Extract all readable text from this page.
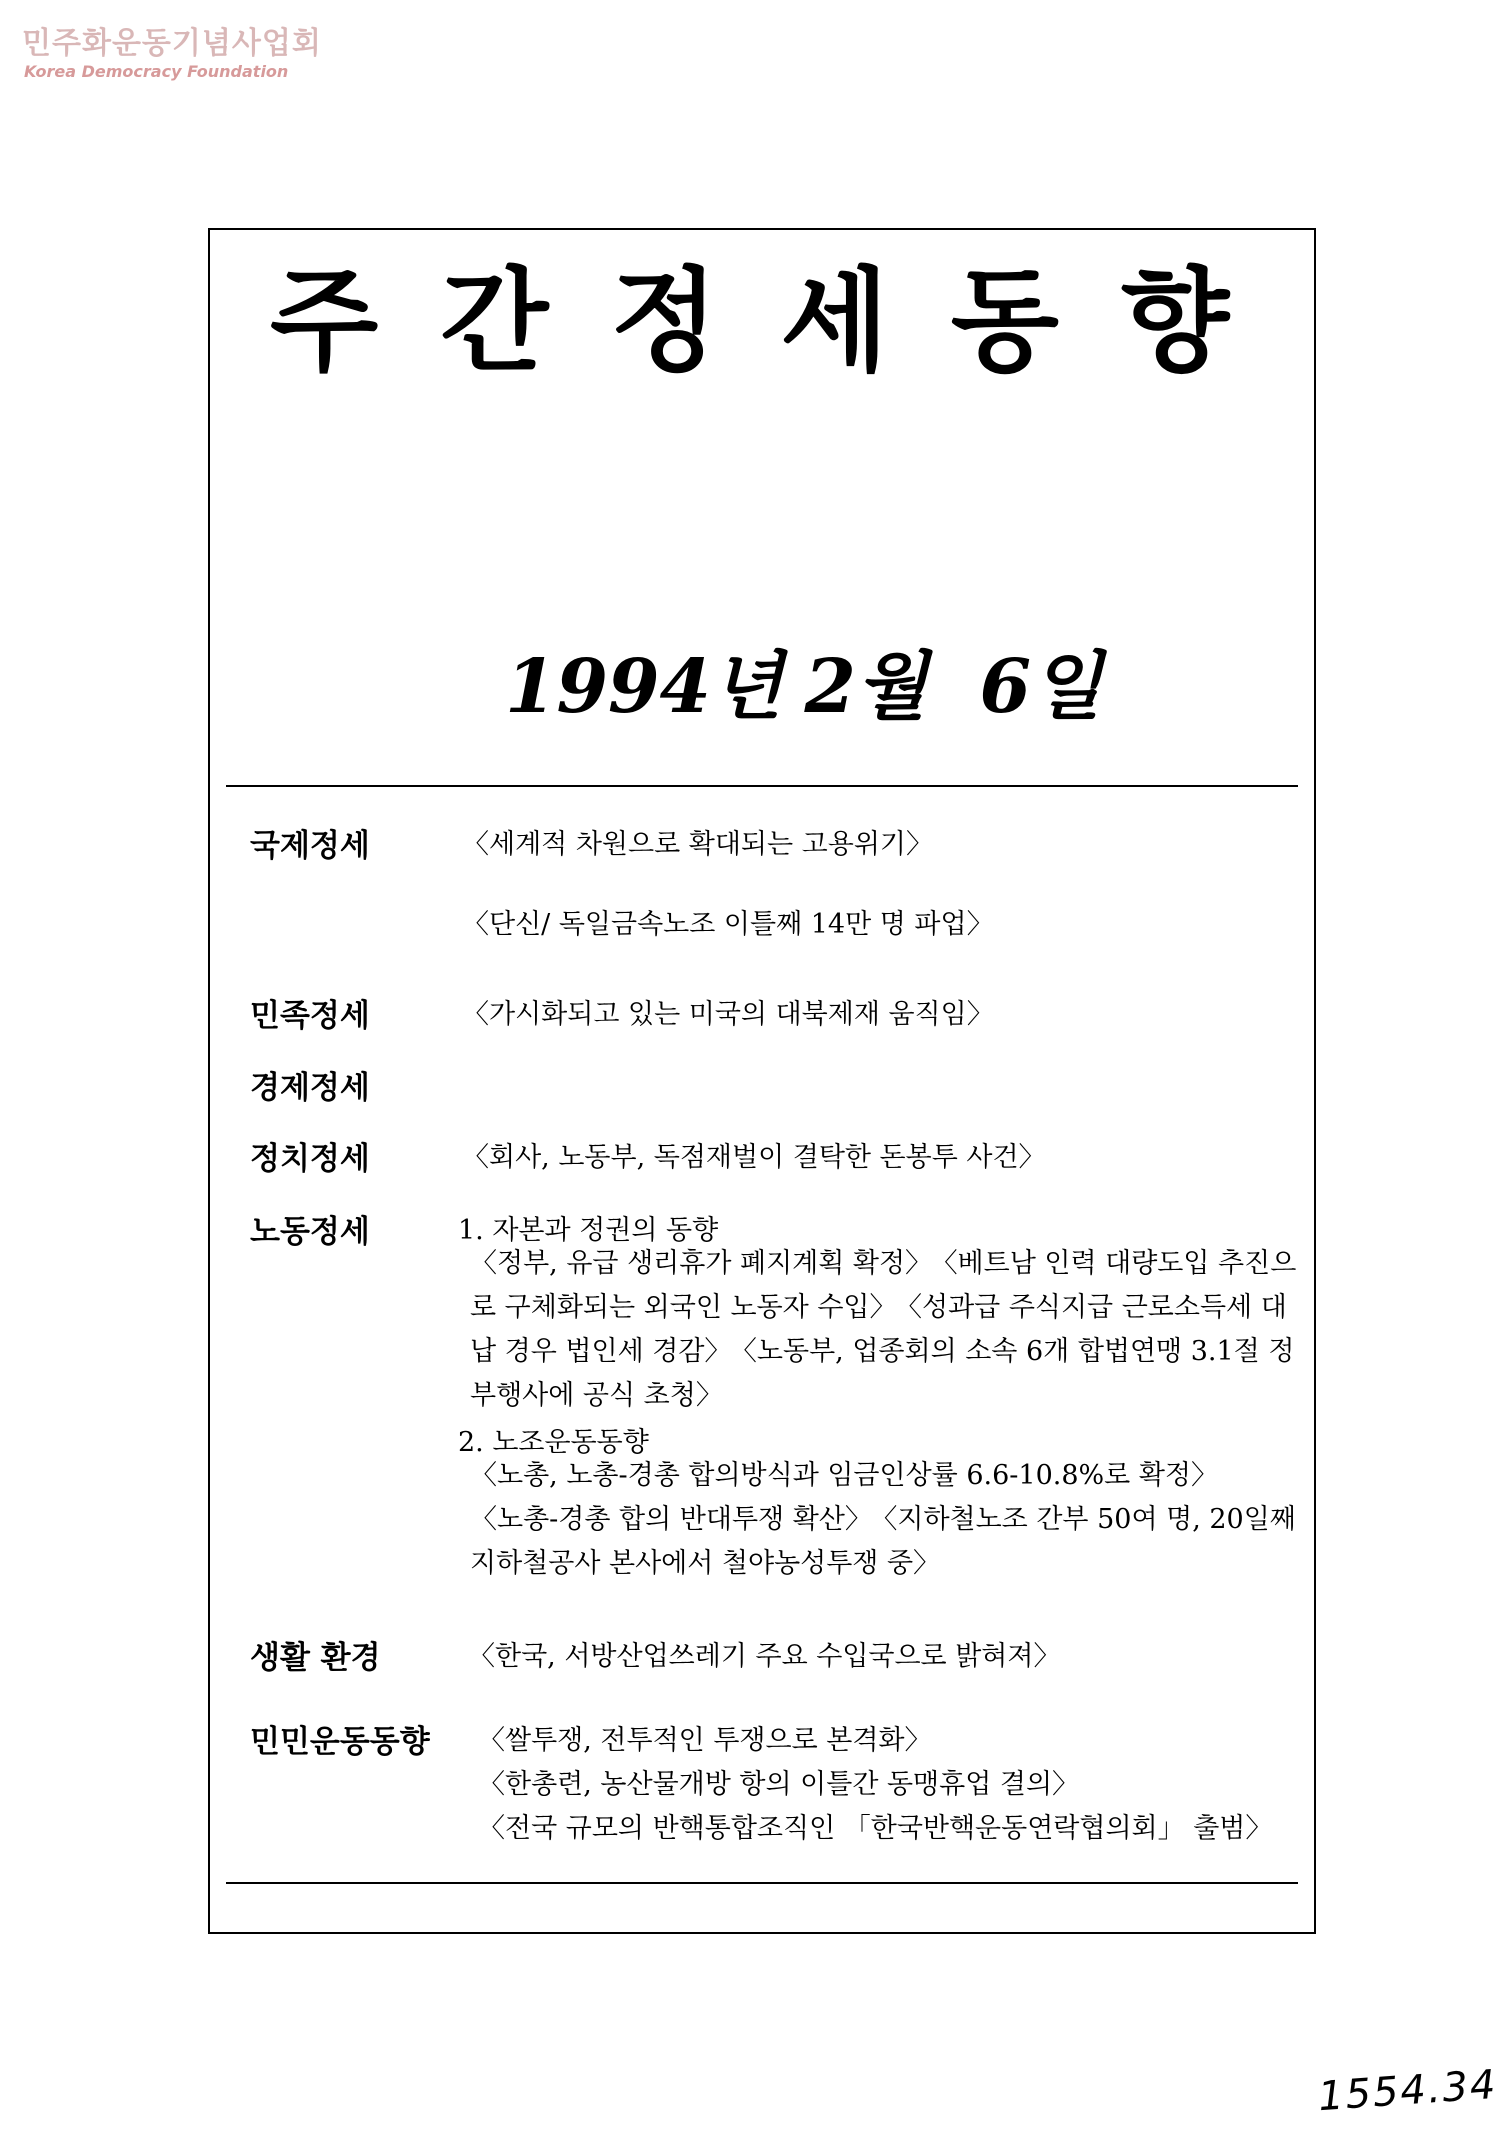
민주화운동기념사업회
Korea Democracy Foundation
주간정세동향
1994년 2월 6일
국제정세	〈세계적 차원으로 확대되는 고용위기〉
〈단신/ 독일금속노조 이틀째 14만 명 파업〉
민족정세	〈가시화되고 있는 미국의 대북제재 움직임〉
경제정세
정치정세	〈회사, 노동부, 독점재벌이 결탁한 돈봉투 사건〉
노동정세	1. 자본과 정권의 동향
〈정부, 유급 생리휴가 폐지계획 확정〉 〈베트남 인력 대량도입 추진으로 구체화되는 외국인 노동자 수입〉 〈성과급 주식지급 근로소득세 대납 경우 법인세 경감〉 〈노동부, 업종회의 소속 6개 합법연맹 3.1절 정부행사에 공식 초청〉
2. 노조운동동향
〈노총, 노총-경총 합의방식과 임금인상률 6.6-10.8%로 확정〉
〈노총-경총 합의 반대투쟁 확산〉 〈지하철노조 간부 50여 명, 20일째 지하철공사 본사에서 철야농성투쟁 중〉
생활 환경	〈한국, 서방산업쓰레기 주요 수입국으로 밝혀져〉
민민운동동향 〈쌀투쟁, 전투적인 투쟁으로 본격화〉
〈한총련, 농산물개방 항의 이틀간 동맹휴업 결의〉
〈전국 규모의 반핵통합조직인 「한국반핵운동연락협의회」 출범〉
1554.34
